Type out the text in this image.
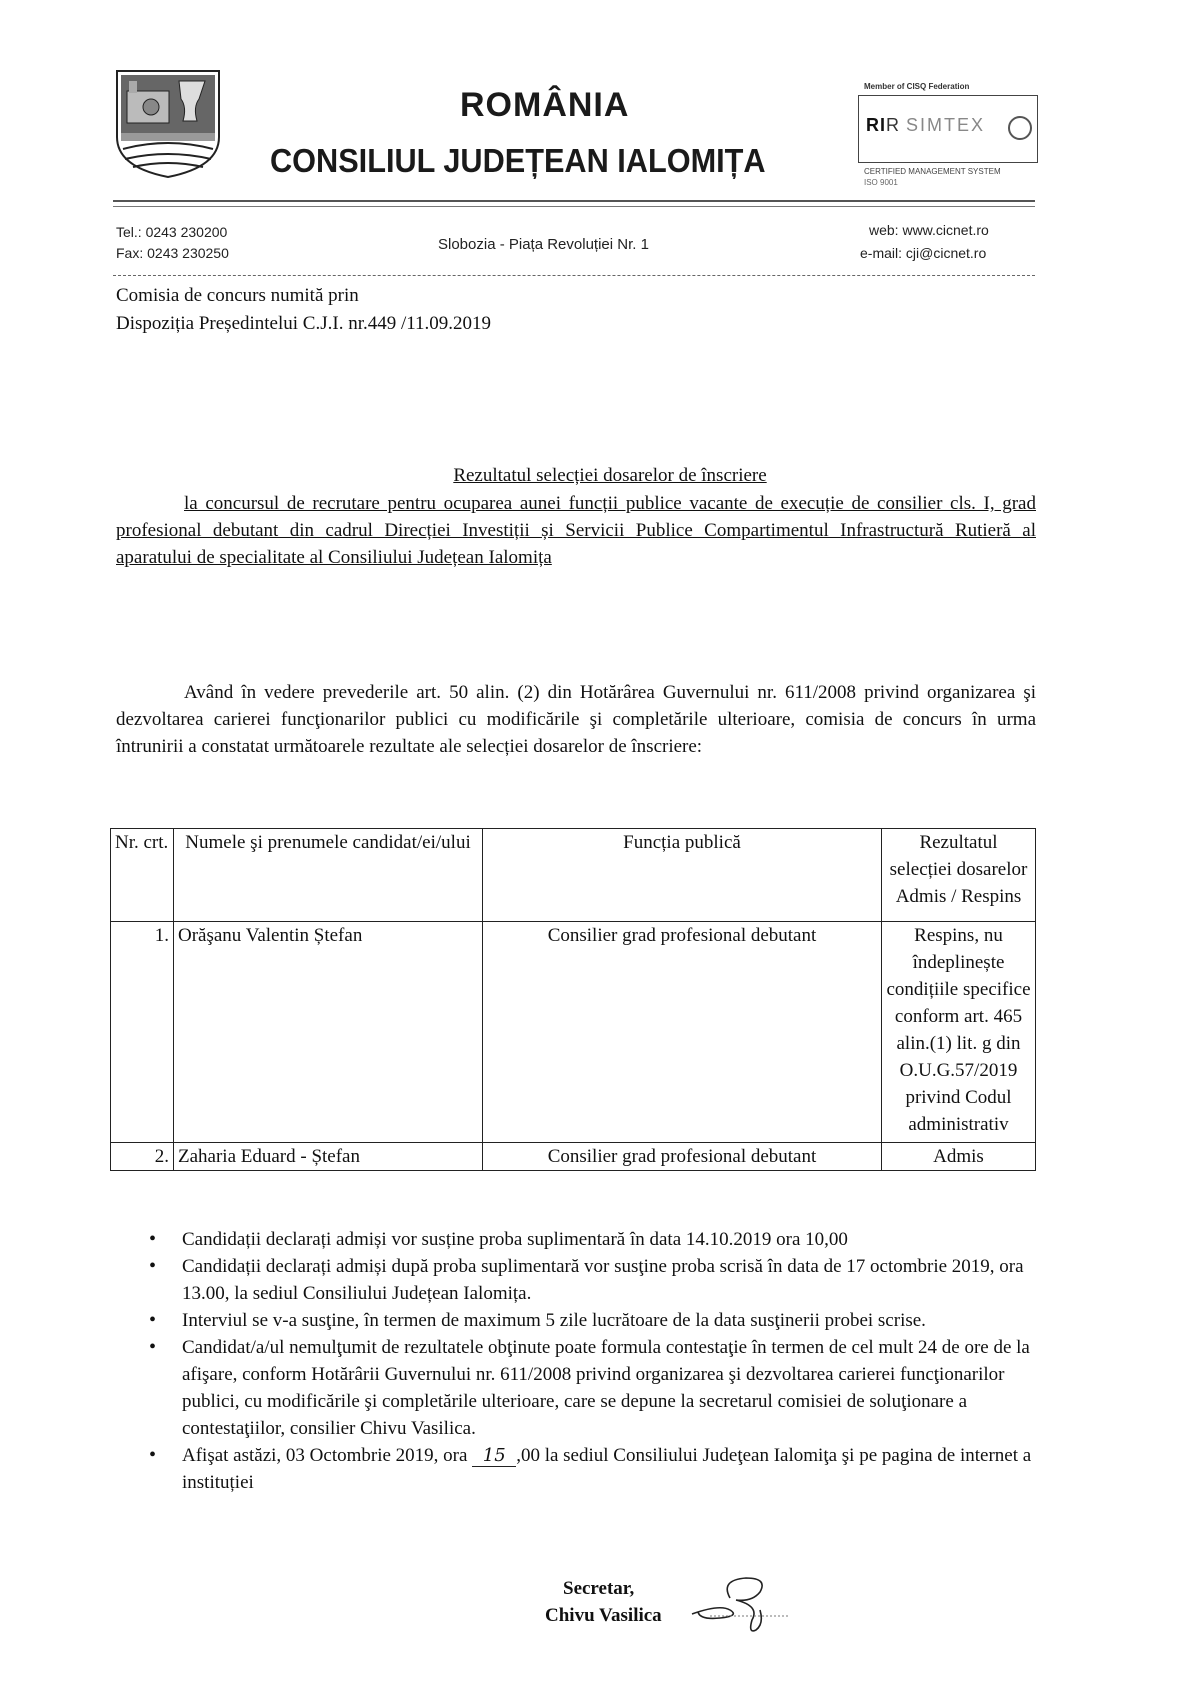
ROMÂNIA
CONSILIUL JUDEȚEAN IALOMIȚA
Member of CISQ Federation
RIR SIMTEX
CERTIFIED MANAGEMENT SYSTEM
ISO 9001
Tel.: 0243 230200
Fax: 0243 230250	Slobozia - Piața Revoluției Nr. 1
web: www.cicnet.ro
e-mail: cji@cicnet.ro
Comisia de concurs numită prin
Dispoziția Președintelui C.J.I. nr.449 /11.09.2019
Rezultatul selecției dosarelor de înscriere
la concursul de recrutare pentru ocuparea aunei funcții publice vacante de execuție de consilier cls. I, grad profesional debutant din cadrul Direcției Investiții și Servicii Publice Compartimentul Infrastructură Rutieră al aparatului de specialitate al Consiliului Județean Ialomița
Având în vedere prevederile art. 50 alin. (2) din Hotărârea Guvernului nr. 611/2008 privind organizarea şi dezvoltarea carierei funcţionarilor publici cu modificările şi completările ulterioare, comisia de concurs în urma întrunirii a constatat următoarele rezultate ale selecției dosarelor de înscriere:
Nr. crt.	Numele şi prenumele candidat/ei/ului	Funcția publică	Rezultatul selecției dosarelor Admis / Respins
1.	Orăşanu Valentin Ștefan	Consilier grad profesional debutant	Respins, nu îndeplinește condițiile specifice conform art. 465 alin.(1) lit. g din O.U.G.57/2019 privind Codul administrativ
2.	Zaharia Eduard - Ștefan	Consilier grad profesional debutant	Admis
• Candidații declarați admiși vor susține proba suplimentară în data 14.10.2019 ora 10,00
• Candidații declarați admiși după proba suplimentară vor susţine proba scrisă în data de 17 octombrie 2019, ora 13.00, la sediul Consiliului Județean Ialomița.
• Interviul se v-a susţine, în termen de maximum 5 zile lucrătoare de la data susţinerii probei scrise.
• Candidat/a/ul nemulţumit de rezultatele obţinute poate formula contestaţie în termen de cel mult 24 de ore de la afişare, conform Hotărârii Guvernului nr. 611/2008 privind organizarea şi dezvoltarea carierei funcţionarilor publici, cu modificările şi completările ulterioare, care se depune la secretarul comisiei de soluţionare a contestaţiilor, consilier Chivu Vasilica.
• Afişat astăzi, 03 Octombrie 2019, ora 15 ,00 la sediul Consiliului Judeţean Ialomiţa şi pe pagina de internet a instituției
Secretar,
Chivu Vasilica
